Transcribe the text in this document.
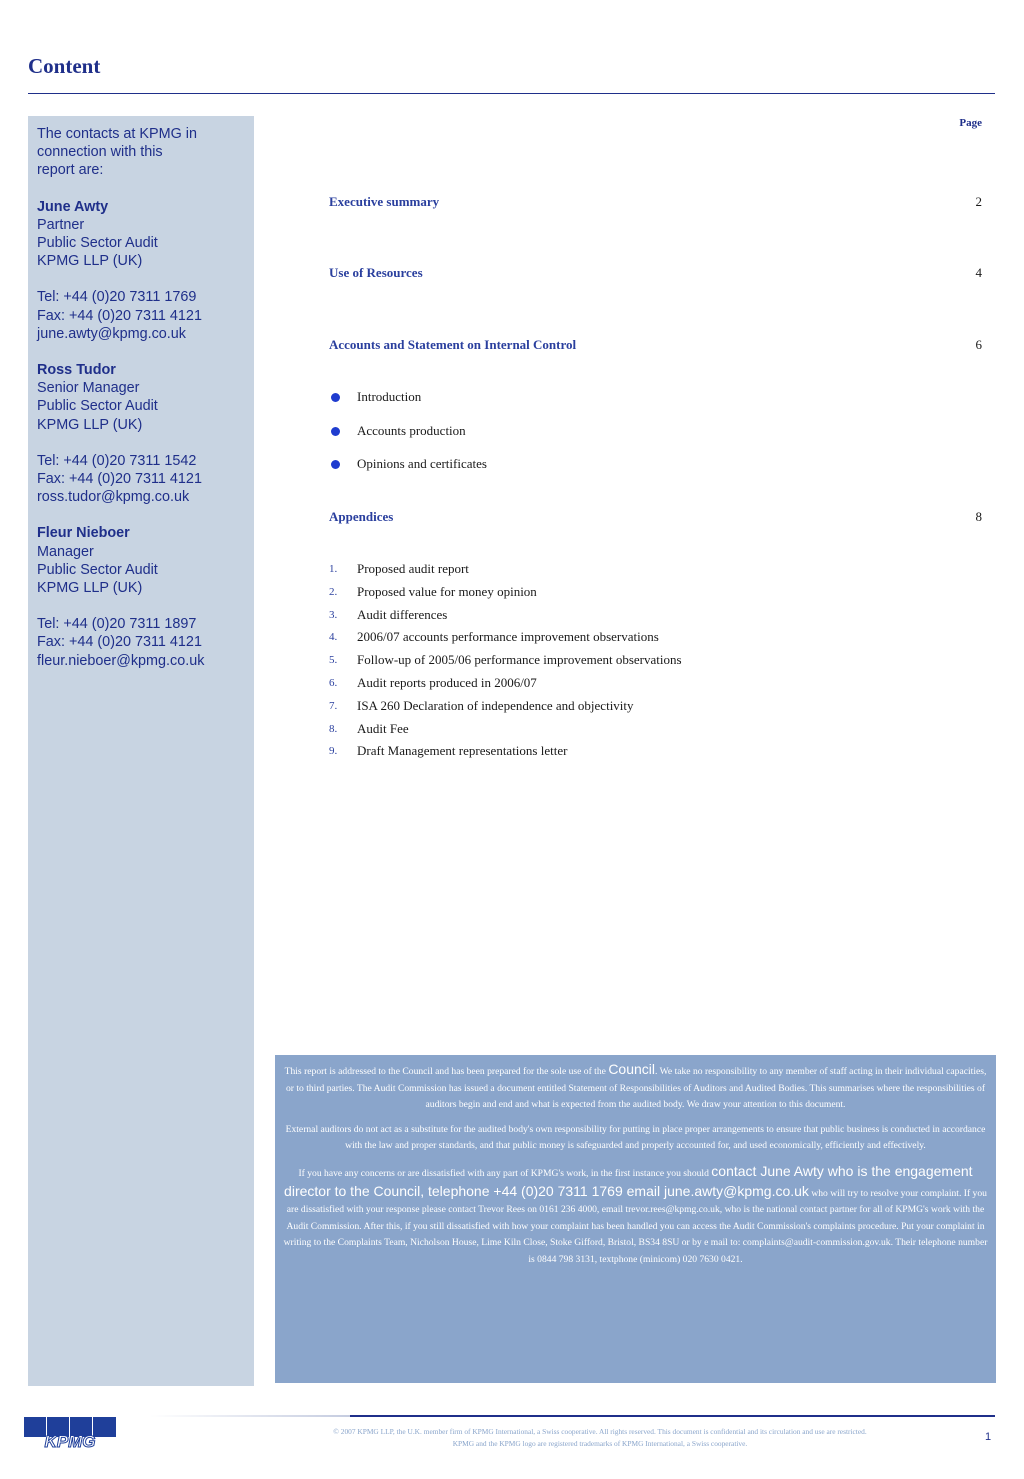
Content
The contacts at KPMG in connection with this report are:
June Awty
Partner
Public Sector Audit
KPMG LLP (UK)
Tel: +44 (0)20 7311 1769
Fax: +44 (0)20 7311 4121
june.awty@kpmg.co.uk
Ross Tudor
Senior Manager
Public Sector Audit
KPMG LLP (UK)
Tel: +44 (0)20 7311 1542
Fax: +44 (0)20 7311 4121
ross.tudor@kpmg.co.uk
Fleur Nieboer
Manager
Public Sector Audit
KPMG LLP (UK)
Tel: +44 (0)20 7311 1897
Fax: +44 (0)20 7311 4121
fleur.nieboer@kpmg.co.uk
Page
Executive summary	2
Use of Resources	4
Accounts and Statement on Internal Control	6
Introduction
Accounts production
Opinions and certificates
Appendices	8
1. Proposed audit report
2. Proposed value for money opinion
3. Audit differences
4. 2006/07 accounts performance improvement observations
5. Follow-up of 2005/06 performance improvement observations
6. Audit reports produced in 2006/07
7. ISA 260 Declaration of independence and objectivity
8. Audit Fee
9. Draft Management representations letter

This report is addressed to the Council and has been prepared for the sole use of the Council. We take no responsibility to any member of staff acting in their individual capacities, or to third parties. The Audit Commission has issued a document entitled Statement of Responsibilities of Auditors and Audited Bodies. This summarises where the responsibilities of auditors begin and end and what is expected from the audited body. We draw your attention to this document.

External auditors do not act as a substitute for the audited body's own responsibility for putting in place proper arrangements to ensure that public business is conducted in accordance with the law and proper standards, and that public money is safeguarded and properly accounted for, and used economically, efficiently and effectively.

If you have any concerns or are dissatisfied with any part of KPMG's work, in the first instance you should contact June Awty who is the engagement director to the Council, telephone +44 (0)20 7311 1769 email june.awty@kpmg.co.uk who will try to resolve your complaint. If you are dissatisfied with your response please contact Trevor Rees on 0161 236 4000, email trevor.rees@kpmg.co.uk, who is the national contact partner for all of KPMG's work with the Audit Commission. After this, if you still dissatisfied with how your complaint has been handled you can access the Audit Commission's complaints procedure. Put your complaint in writing to the Complaints Team, Nicholson House, Lime Kiln Close, Stoke Gifford, Bristol, BS34 8SU or by e mail to: complaints@audit-commission.gov.uk. Their telephone number is 0844 798 3131, textphone (minicom) 020 7630 0421.

KPMG
© 2007 KPMG LLP, the U.K. member firm of KPMG International, a Swiss cooperative. All rights reserved. This document is confidential and its circulation and use are restricted.
KPMG and the KPMG logo are registered trademarks of KPMG International, a Swiss cooperative.
1
